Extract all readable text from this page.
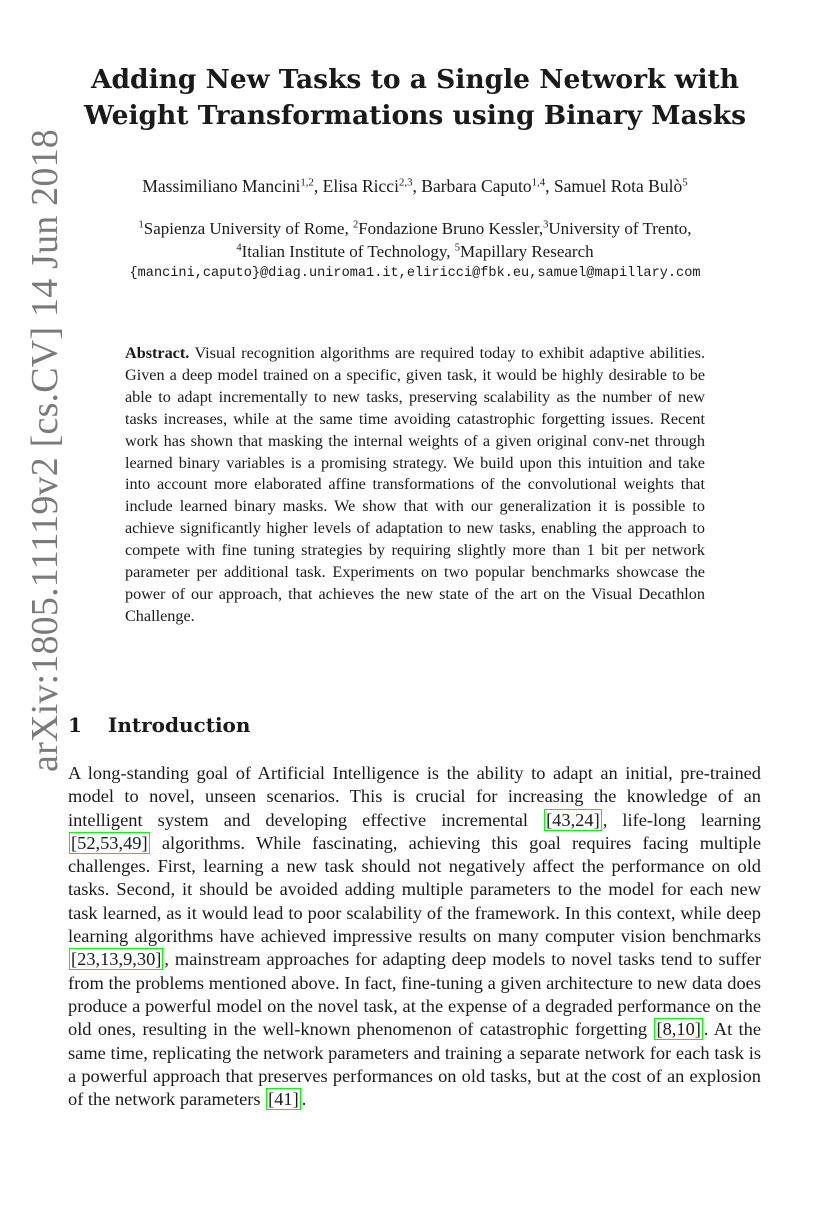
arXiv:1805.11119v2 [cs.CV] 14 Jun 2018
Adding New Tasks to a Single Network with Weight Transformations using Binary Masks
Massimiliano Mancini$^{1,2}$, Elisa Ricci$^{2,3}$, Barbara Caputo$^{1,4}$, Samuel Rota Bulò$^5$
$^1$Sapienza University of Rome, $^2$Fondazione Bruno Kessler,$^3$University of Trento,
$^4$Italian Institute of Technology, $^5$Mapillary Research
{mancini,caputo}@diag.uniroma1.it,eliricci@fbk.eu,samuel@mapillary.com

Abstract. Visual recognition algorithms are required today to exhibit adaptive abilities. Given a deep model trained on a specific, given task, it would be highly desirable to be able to adapt incrementally to new tasks, preserving scalability as the number of new tasks increases, while at the same time avoiding catastrophic forgetting issues. Recent work has shown that masking the internal weights of a given original conv-net through learned binary variables is a promising strategy. We build upon this intuition and take into account more elaborated affine transformations of the convolutional weights that include learned binary masks. We show that with our generalization it is possible to achieve significantly higher levels of adaptation to new tasks, enabling the approach to compete with fine tuning strategies by requiring slightly more than 1 bit per network parameter per additional task. Experiments on two popular benchmarks showcase the power of our approach, that achieves the new state of the art on the Visual Decathlon Challenge.

1 Introduction

A long-standing goal of Artificial Intelligence is the ability to adapt an initial, pre-trained model to novel, unseen scenarios. This is crucial for increasing the knowledge of an intelligent system and developing effective incremental [43,24] , life-long learning [52,53,49] algorithms. While fascinating, achieving this goal requires facing multiple challenges. First, learning a new task should not negatively affect the performance on old tasks. Second, it should be avoided adding multiple parameters to the model for each new task learned, as it would lead to poor scalability of the framework. In this context, while deep learning algorithms have achieved impressive results on many computer vision benchmarks [23,13,9,30] , mainstream approaches for adapting deep models to novel tasks tend to suffer from the problems mentioned above. In fact, fine-tuning a given architecture to new data does produce a powerful model on the novel task, at the expense of a degraded performance on the old ones, resulting in the well-known phenomenon of catastrophic forgetting [8,10] . At the same time, replicating the network parameters and training a separate network for each task is a powerful approach that preserves performances on old tasks, but at the cost of an explosion of the network parameters [41] .
